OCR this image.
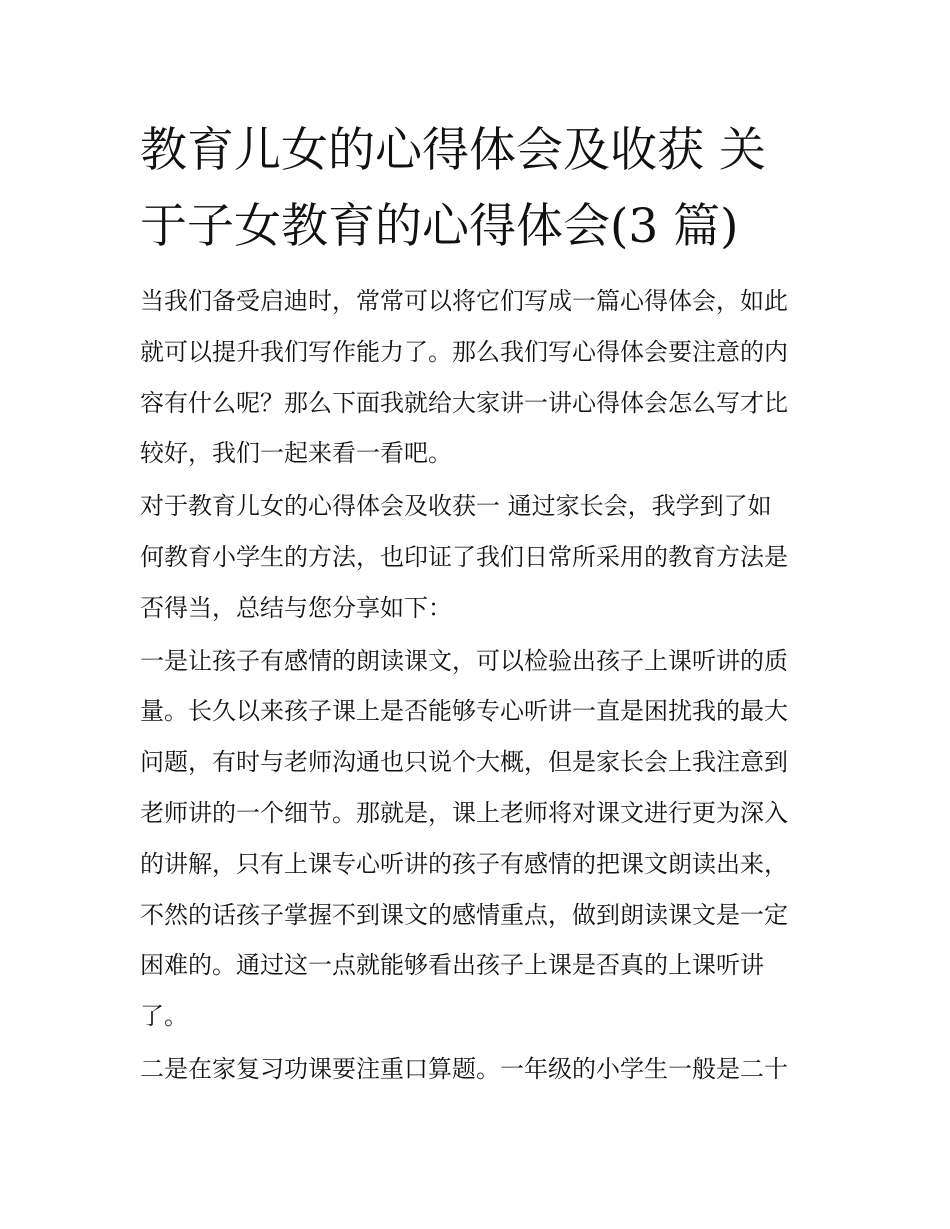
教育儿女的心得体会及收获 关
于子女教育的心得体会(3 篇)
当我们备受启迪时，常常可以将它们写成一篇心得体会，如此
就可以提升我们写作能力了。那么我们写心得体会要注意的内
容有什么呢？那么下面我就给大家讲一讲心得体会怎么写才比
较好，我们一起来看一看吧。
对于教育儿女的心得体会及收获一 通过家长会，我学到了如
何教育小学生的方法，也印证了我们日常所采用的教育方法是
否得当，总结与您分享如下：
一是让孩子有感情的朗读课文，可以检验出孩子上课听讲的质
量。长久以来孩子课上是否能够专心听讲一直是困扰我的最大
问题，有时与老师沟通也只说个大概，但是家长会上我注意到
老师讲的一个细节。那就是，课上老师将对课文进行更为深入
的讲解，只有上课专心听讲的孩子有感情的把课文朗读出来，
不然的话孩子掌握不到课文的感情重点，做到朗读课文是一定
困难的。通过这一点就能够看出孩子上课是否真的上课听讲
了。
二是在家复习功课要注重口算题。一年级的小学生一般是二十
